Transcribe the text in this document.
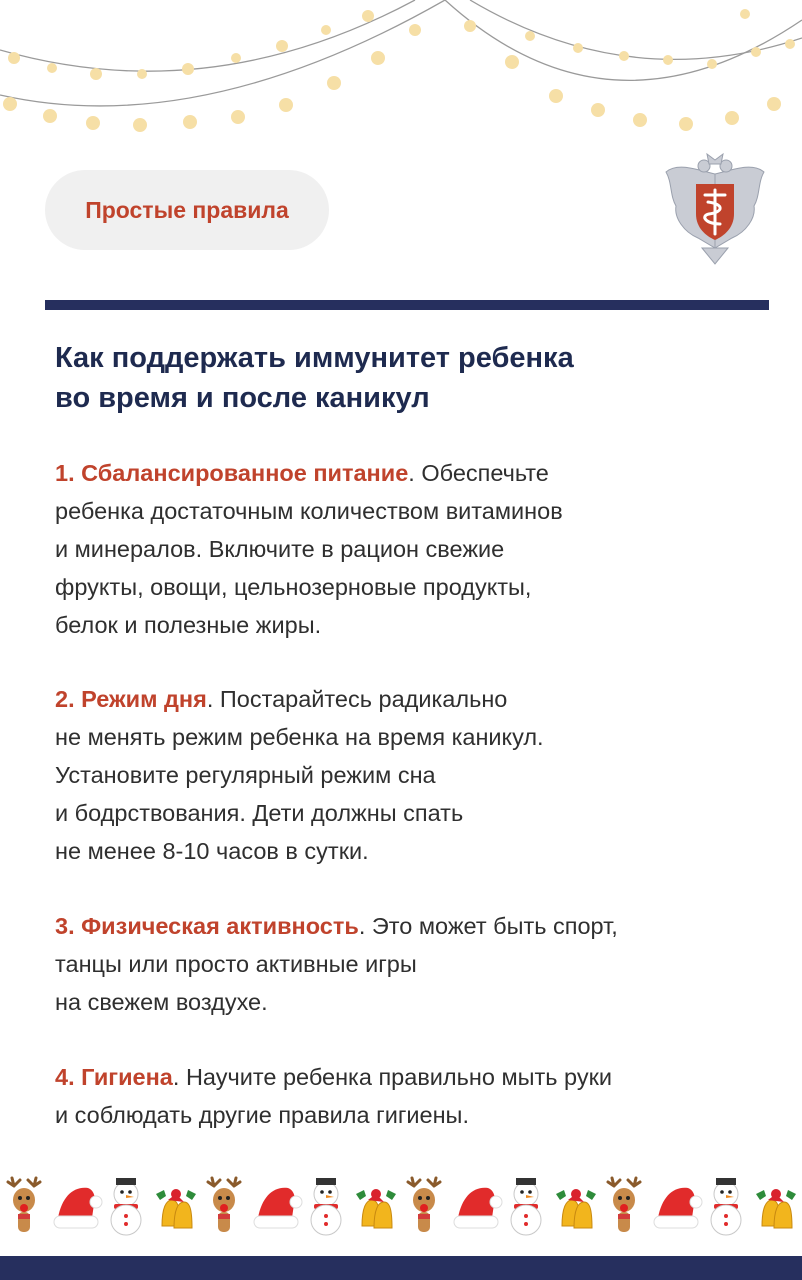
Простые правила
Как поддержать иммунитет ребенка
во время и после каникул
1. Сбалансированное питание. Обеспечьте
ребенка достаточным количеством витаминов
и минералов. Включите в рацион свежие
фрукты, овощи, цельнозерновые продукты,
белок и полезные жиры.
2. Режим дня. Постарайтесь радикально
не менять режим ребенка на время каникул.
Установите регулярный режим сна
и бодрствования. Дети должны спать
не менее 8-10 часов в сутки.
3. Физическая активность. Это может быть спорт,
танцы или просто активные игры
на свежем воздухе.
4. Гигиена. Научите ребенка правильно мыть руки
и соблюдать другие правила гигиены.
